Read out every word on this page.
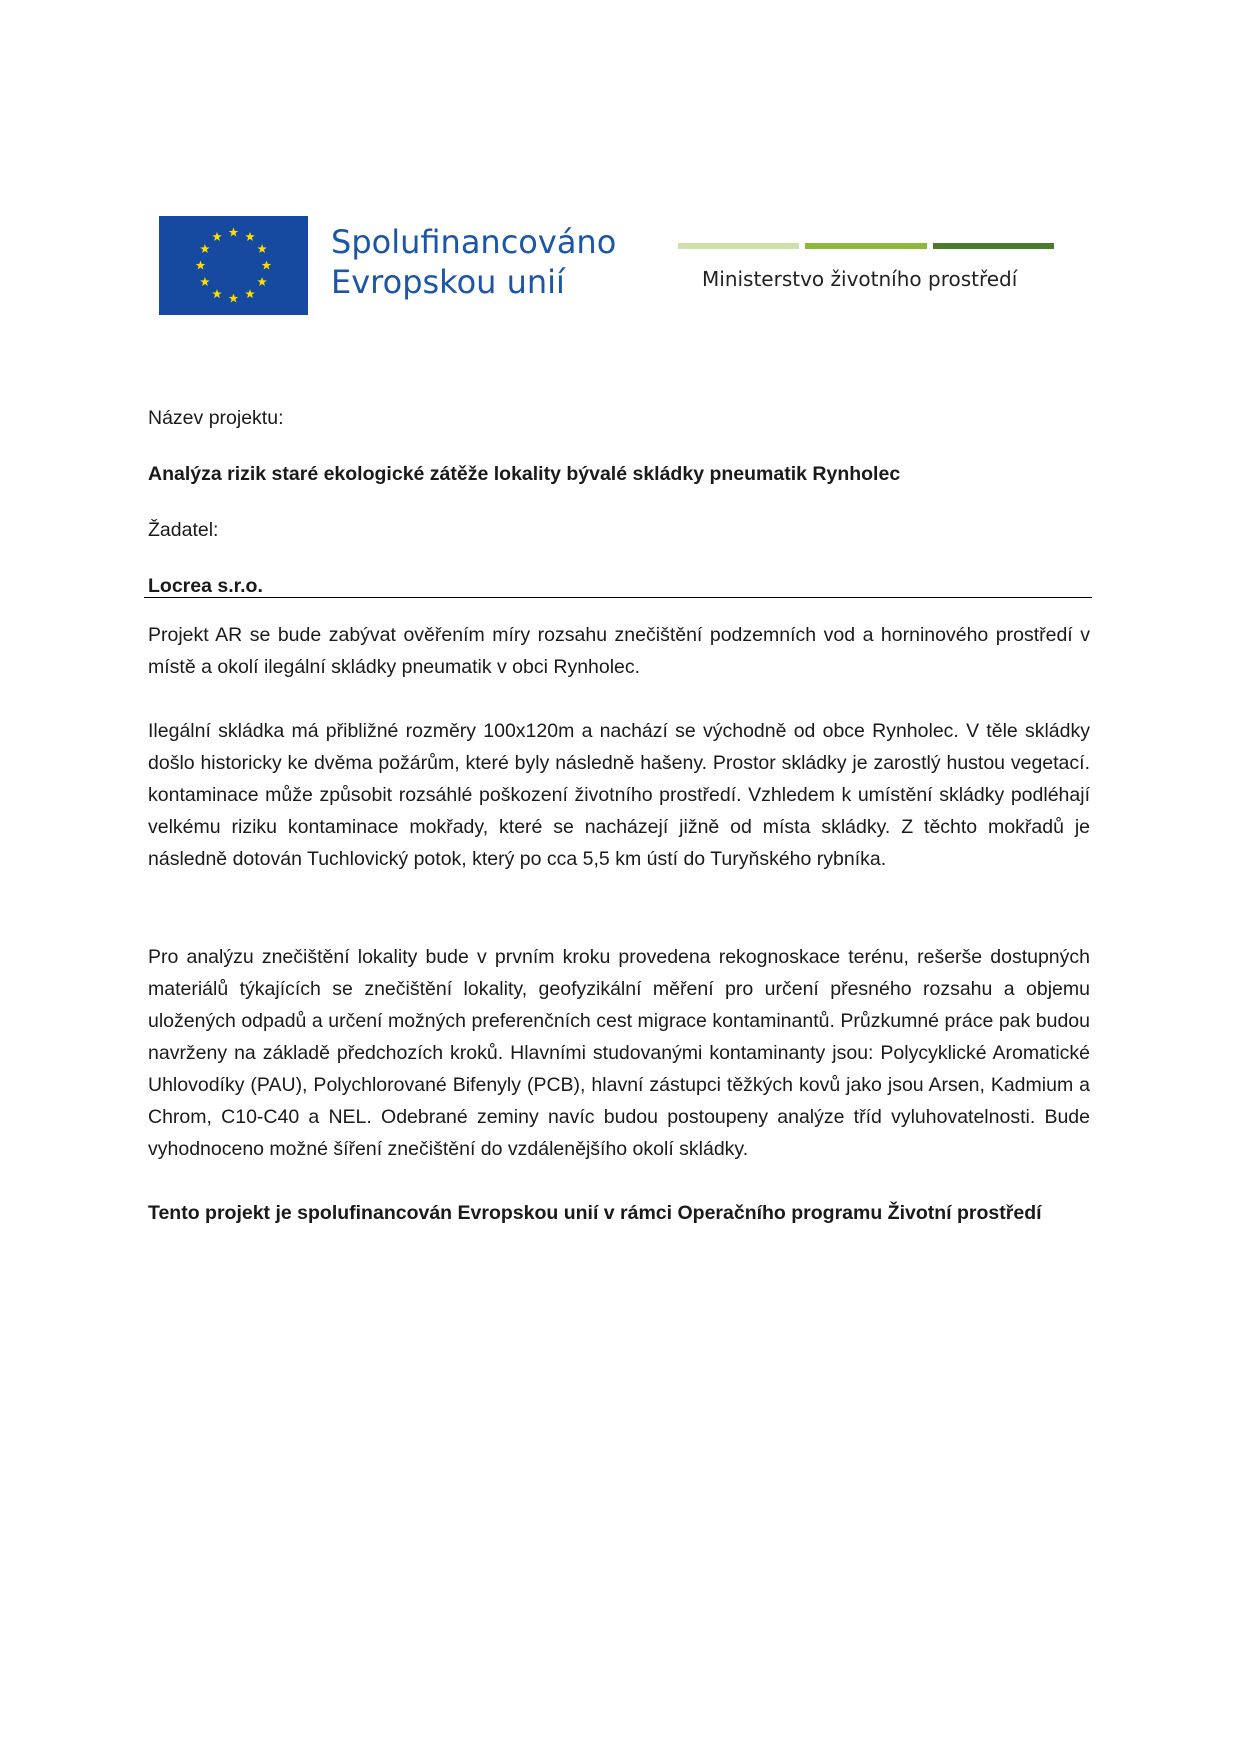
Spolufinancováno
Evropskou unií	Ministerstvo životního prostředí

Název projektu:

Analýza rizik staré ekologické zátěže lokality bývalé skládky pneumatik Rynholec

Žadatel:

Locrea s.r.o.

Projekt AR se bude zabývat ověřením míry rozsahu znečištění podzemních vod a horninového prostředí v místě a okolí ilegální skládky pneumatik v obci Rynholec.

Ilegální skládka má přibližné rozměry 100x120m a nachází se východně od obce Rynholec. V těle skládky došlo historicky ke dvěma požárům, které byly následně hašeny. Prostor skládky je zarostlý hustou vegetací. kontaminace může způsobit rozsáhlé poškození životního prostředí. Vzhledem k umístění skládky podléhají velkému riziku kontaminace mokřady, které se nacházejí jižně od místa skládky. Z těchto mokřadů je následně dotován Tuchlovický potok, který po cca 5,5 km ústí do Turyňského rybníka.

Pro analýzu znečištění lokality bude v prvním kroku provedena rekognoskace terénu, rešerše dostupných materiálů týkajících se znečištění lokality, geofyzikální měření pro určení přesného rozsahu a objemu uložených odpadů a určení možných preferenčních cest migrace kontaminantů. Průzkumné práce pak budou navrženy na základě předchozích kroků. Hlavními studovanými kontaminanty jsou: Polycyklické Aromatické Uhlovodíky (PAU), Polychlorované Bifenyly (PCB), hlavní zástupci těžkých kovů jako jsou Arsen, Kadmium a Chrom, C10-C40 a NEL. Odebrané zeminy navíc budou postoupeny analýze tříd vyluhovatelnosti. Bude vyhodnoceno možné šíření znečištění do vzdálenějšího okolí skládky.

Tento projekt je spolufinancován Evropskou unií v rámci Operačního programu Životní prostředí
